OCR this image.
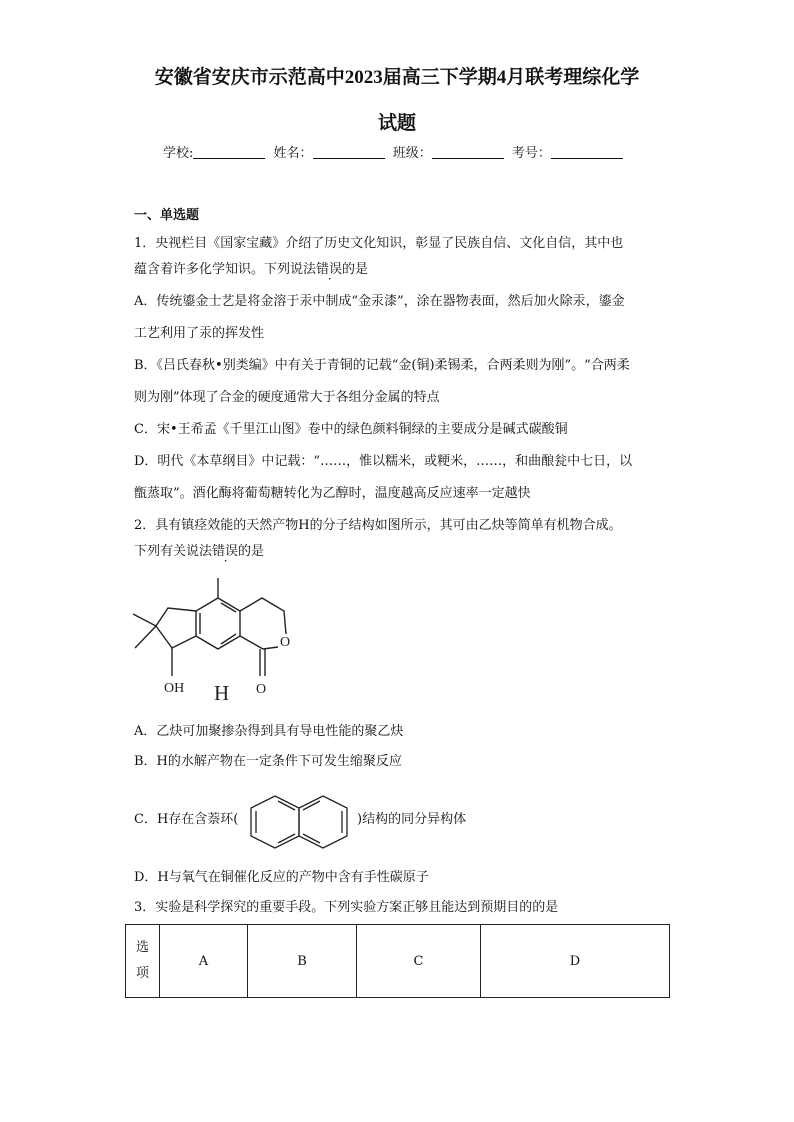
安徽省安庆市示范高中2023届高三下学期4月联考理综化学
试题
学校:	姓名：	班级：	考号：
一、单选题
1．央视栏目《国家宝藏》介绍了历史文化知识，彰显了民族自信、文化自信，其中也
蕴含着许多化学知识。下列说法错误的是
A．传统鎏金士艺是将金溶于汞中制成“金汞漆”，涂在器物表面，然后加火除汞，鎏金
工艺利用了汞的挥发性
B．《吕氏春秋•别类编》中有关于青铜的记载“金(铜)柔锡柔，合两柔则为刚”。“合两柔
则为刚”体现了合金的硬度通常大于各组分金属的特点
C．宋•王希孟《千里江山图》卷中的绿色颜料铜绿的主要成分是碱式碳酸铜
D．明代《本草纲目》中记载：“……，惟以糯米，或粳米，……，和曲酿瓮中七日，以
甑蒸取”。酒化酶将葡萄糖转化为乙醇时，温度越高反应速率一定越快
2．具有镇痉效能的天然产物H的分子结构如图所示，其可由乙炔等简单有机物合成。
下列有关说法错误的是
OH
O
O
H
A．乙炔可加聚掺杂得到具有导电性能的聚乙炔
B．H的水解产物在一定条件下可发生缩聚反应
C．H存在含萘环(	)结构的同分异构体
D．H与氧气在铜催化反应的产物中含有手性碳原子
3．实验是科学探究的重要手段。下列实验方案正够且能达到预期目的的是
选
项
	A	B	C	D
